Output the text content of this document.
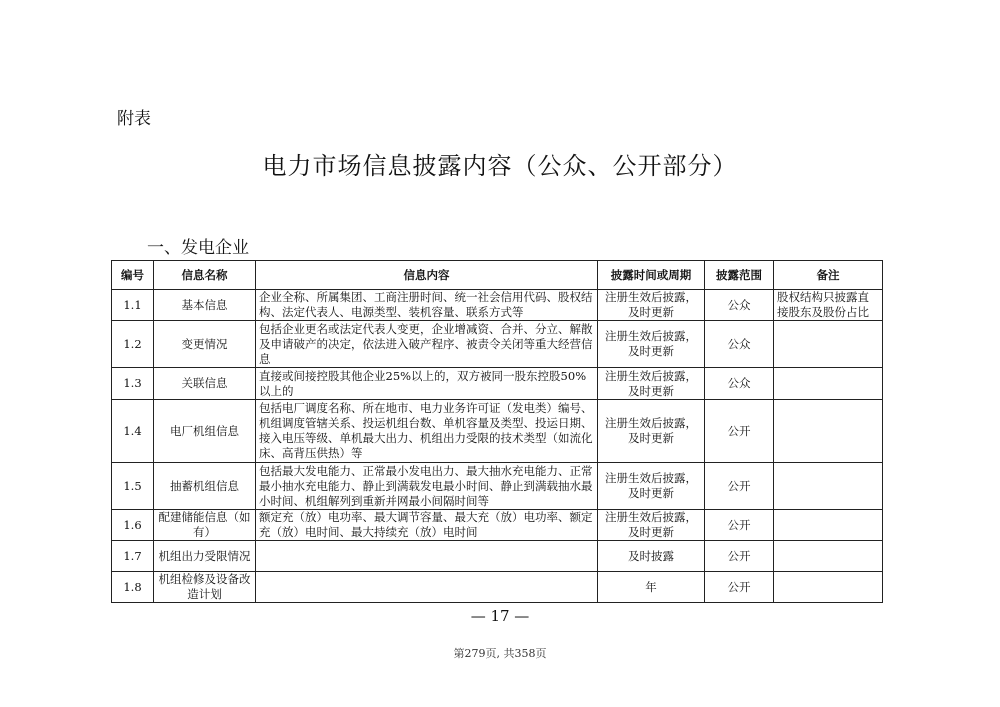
附表
电力市场信息披露内容（公众、公开部分）
一、发电企业
编号	信息名称	信息内容	披露时间或周期	披露范围	备注
1.1	基本信息	企业全称、所属集团、工商注册时间、统一社会信用代码、股权结构、法定代表人、电源类型、装机容量、联系方式等	注册生效后披露，及时更新	公众	股权结构只披露直接股东及股份占比
1.2	变更情况	包括企业更名或法定代表人变更，企业增减资、合并、分立、解散及申请破产的决定，依法进入破产程序、被责令关闭等重大经营信息	注册生效后披露，及时更新	公众	
1.3	关联信息	直接或间接控股其他企业25%以上的，双方被同一股东控股50%以上的	注册生效后披露，及时更新	公众	
1.4	电厂机组信息	包括电厂调度名称、所在地市、电力业务许可证（发电类）编号、机组调度管辖关系、投运机组台数、单机容量及类型、投运日期、接入电压等级、单机最大出力、机组出力受限的技术类型（如流化床、高背压供热）等	注册生效后披露，及时更新	公开	
1.5	抽蓄机组信息	包括最大发电能力、正常最小发电出力、最大抽水充电能力、正常最小抽水充电能力、静止到满载发电最小时间、静止到满载抽水最小时间、机组解列到重新并网最小间隔时间等	注册生效后披露，及时更新	公开	
1.6	配建储能信息（如有）	额定充（放）电功率、最大调节容量、最大充（放）电功率、额定充（放）电时间、最大持续充（放）电时间	注册生效后披露，及时更新	公开	
1.7	机组出力受限情况		及时披露	公开	
1.8	机组检修及设备改造计划		年	公开	
— 17 —
第279页, 共358页
